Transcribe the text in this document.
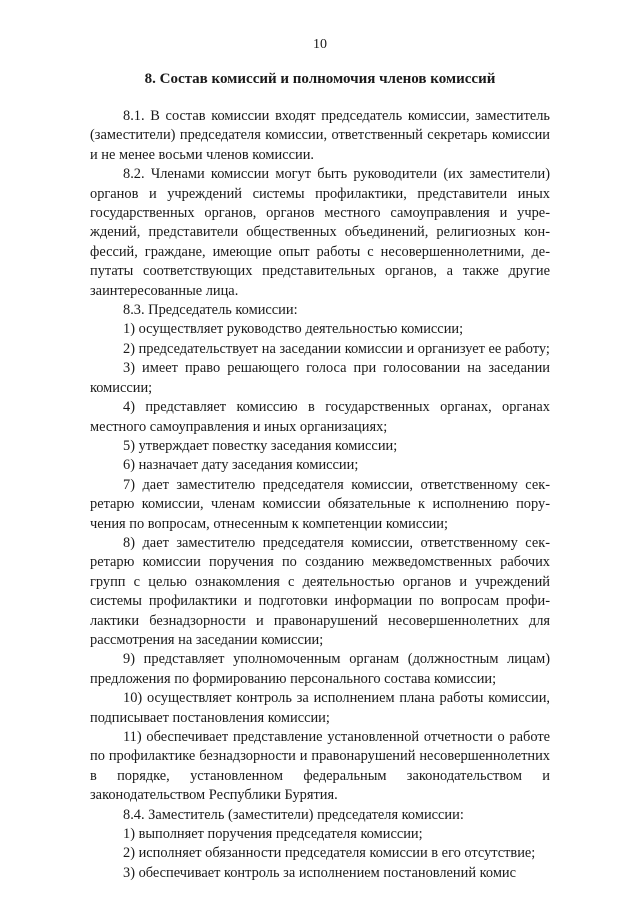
10
8. Состав комиссий и полномочия членов комиссий

8.1. В состав комиссии входят председатель комиссии, заместитель (заместители) председателя комиссии, ответственный секретарь комиссии и не менее восьми членов комиссии.

8.2. Членами комиссии могут быть руководители (их заместители) органов и учреждений системы профилактики, представители иных государственных органов, органов местного самоуправления и учреждений, представители общественных объединений, религиозных конфессий, граждане, имеющие опыт работы с несовершеннолетними, депутаты соответствующих представительных органов, а также другие заинтересованные лица.

8.3. Председатель комиссии:

1) осуществляет руководство деятельностью комиссии;

2) председательствует на заседании комиссии и организует ее работу;

3) имеет право решающего голоса при голосовании на заседании комиссии;

4) представляет комиссию в государственных органах, органах местного самоуправления и иных организациях;

5) утверждает повестку заседания комиссии;

6) назначает дату заседания комиссии;

7) дает заместителю председателя комиссии, ответственному секретарю комиссии, членам комиссии обязательные к исполнению поручения по вопросам, отнесенным к компетенции комиссии;

8) дает заместителю председателя комиссии, ответственному секретарю комиссии поручения по созданию межведомственных рабочих групп с целью ознакомления с деятельностью органов и учреждений системы профилактики и подготовки информации по вопросам профилактики безнадзорности и правонарушений несовершеннолетних для рассмотрения на заседании комиссии;

9) представляет уполномоченным органам (должностным лицам) предложения по формированию персонального состава комиссии;

10) осуществляет контроль за исполнением плана работы комиссии, подписывает постановления комиссии;

11) обеспечивает представление установленной отчетности о работе по профилактике безнадзорности и правонарушений несовершеннолетних в порядке, установленном федеральным законодательством и законодательством Республики Бурятия.

8.4. Заместитель (заместители) председателя комиссии:

1) выполняет поручения председателя комиссии;

2) исполняет обязанности председателя комиссии в его отсутствие;

3) обеспечивает контроль за исполнением постановлений комис
